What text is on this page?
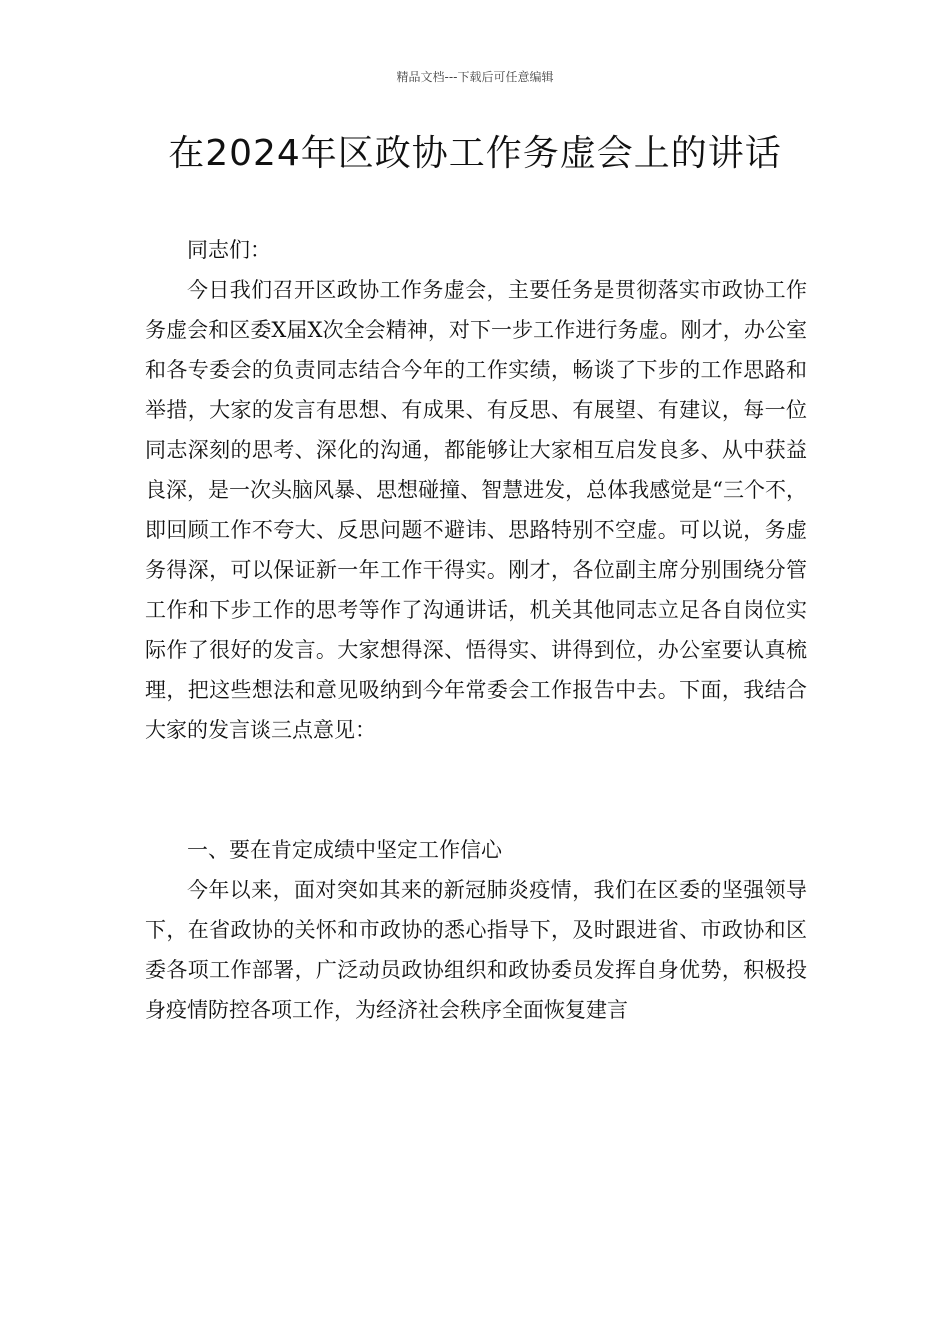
精品文档---下载后可任意编辑
在2024年区政协工作务虚会上的讲话

同志们：

今日我们召开区政协工作务虚会，主要任务是贯彻落实市政协工作务虚会和区委Ⅹ届Ⅹ次全会精神，对下一步工作进行务虚。刚才，办公室和各专委会的负责同志结合今年的工作实绩，畅谈了下步的工作思路和举措，大家的发言有思想、有成果、有反思、有展望、有建议，每一位同志深刻的思考、深化的沟通，都能够让大家相互启发良多、从中获益良深，是一次头脑风暴、思想碰撞、智慧进发，总体我感觉是“三个不，即回顾工作不夸大、反思问题不避讳、思路特别不空虚。可以说，务虚务得深，可以保证新一年工作干得实。刚才，各位副主席分别围绕分管工作和下步工作的思考等作了沟通讲话，机关其他同志立足各自岗位实际作了很好的发言。大家想得深、悟得实、讲得到位，办公室要认真梳理，把这些想法和意见吸纳到今年常委会工作报告中去。下面，我结合大家的发言谈三点意见：

一、要在肯定成绩中坚定工作信心

今年以来，面对突如其来的新冠肺炎疫情，我们在区委的坚强领导下，在省政协的关怀和市政协的悉心指导下，及时跟进省、市政协和区委各项工作部署，广泛动员政协组织和政协委员发挥自身优势，积极投身疫情防控各项工作，为经济社会秩序全面恢复建言
